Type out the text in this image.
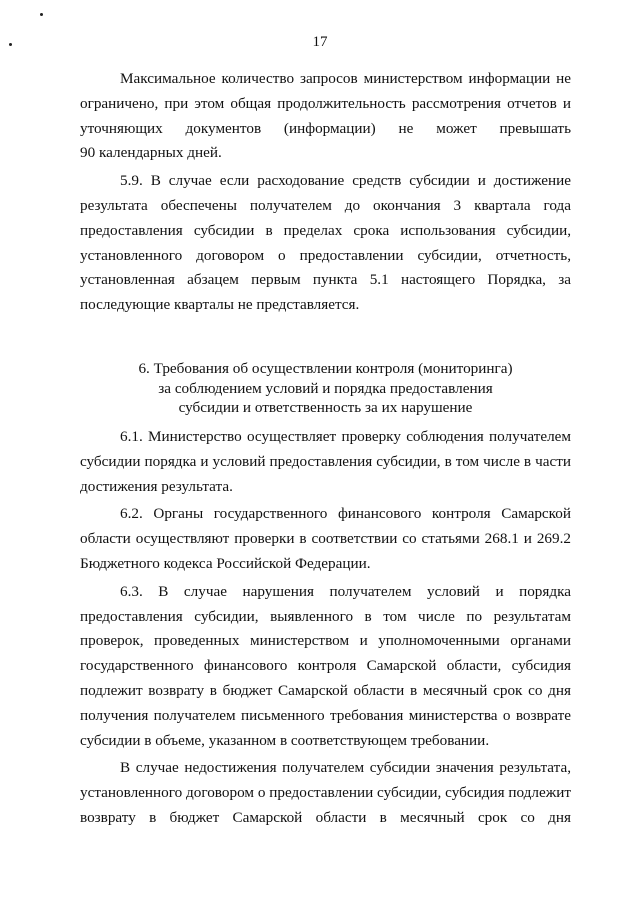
17

Максимальное количество запросов министерством информации не ограничено, при этом общая продолжительность рассмотрения отчетов и уточняющих документов (информации) не может превышать

90 календарных дней.

5.9. В случае если расходование средств субсидии и достижение результата обеспечены получателем до окончания 3 квартала года предоставления субсидии в пределах срока использования субсидии, установленного договором о предоставлении субсидии, отчетность, установленная абзацем первым пункта 5.1 настоящего Порядка, за последующие кварталы не представляется.

6. Требования об осуществлении контроля (мониторинга)
за соблюдением условий и порядка предоставления
субсидии и ответственность за их нарушение

6.1. Министерство осуществляет проверку соблюдения получателем субсидии порядка и условий предоставления субсидии, в том числе в части достижения результата.

6.2. Органы государственного финансового контроля Самарской области осуществляют проверки в соответствии со статьями 268.1 и 269.2 Бюджетного кодекса Российской Федерации.

6.3. В случае нарушения получателем условий и порядка предоставления субсидии, выявленного в том числе по результатам проверок, проведенных министерством и уполномоченными органами государственного финансового контроля Самарской области, субсидия подлежит возврату в бюджет Самарской области в месячный срок со дня получения получателем письменного требования министерства о возврате субсидии в объеме, указанном в соответствующем требовании.

В случае недостижения получателем субсидии значения результата, установленного договором о предоставлении субсидии, субсидия подлежит возврату в бюджет Самарской области в месячный срок со дня
